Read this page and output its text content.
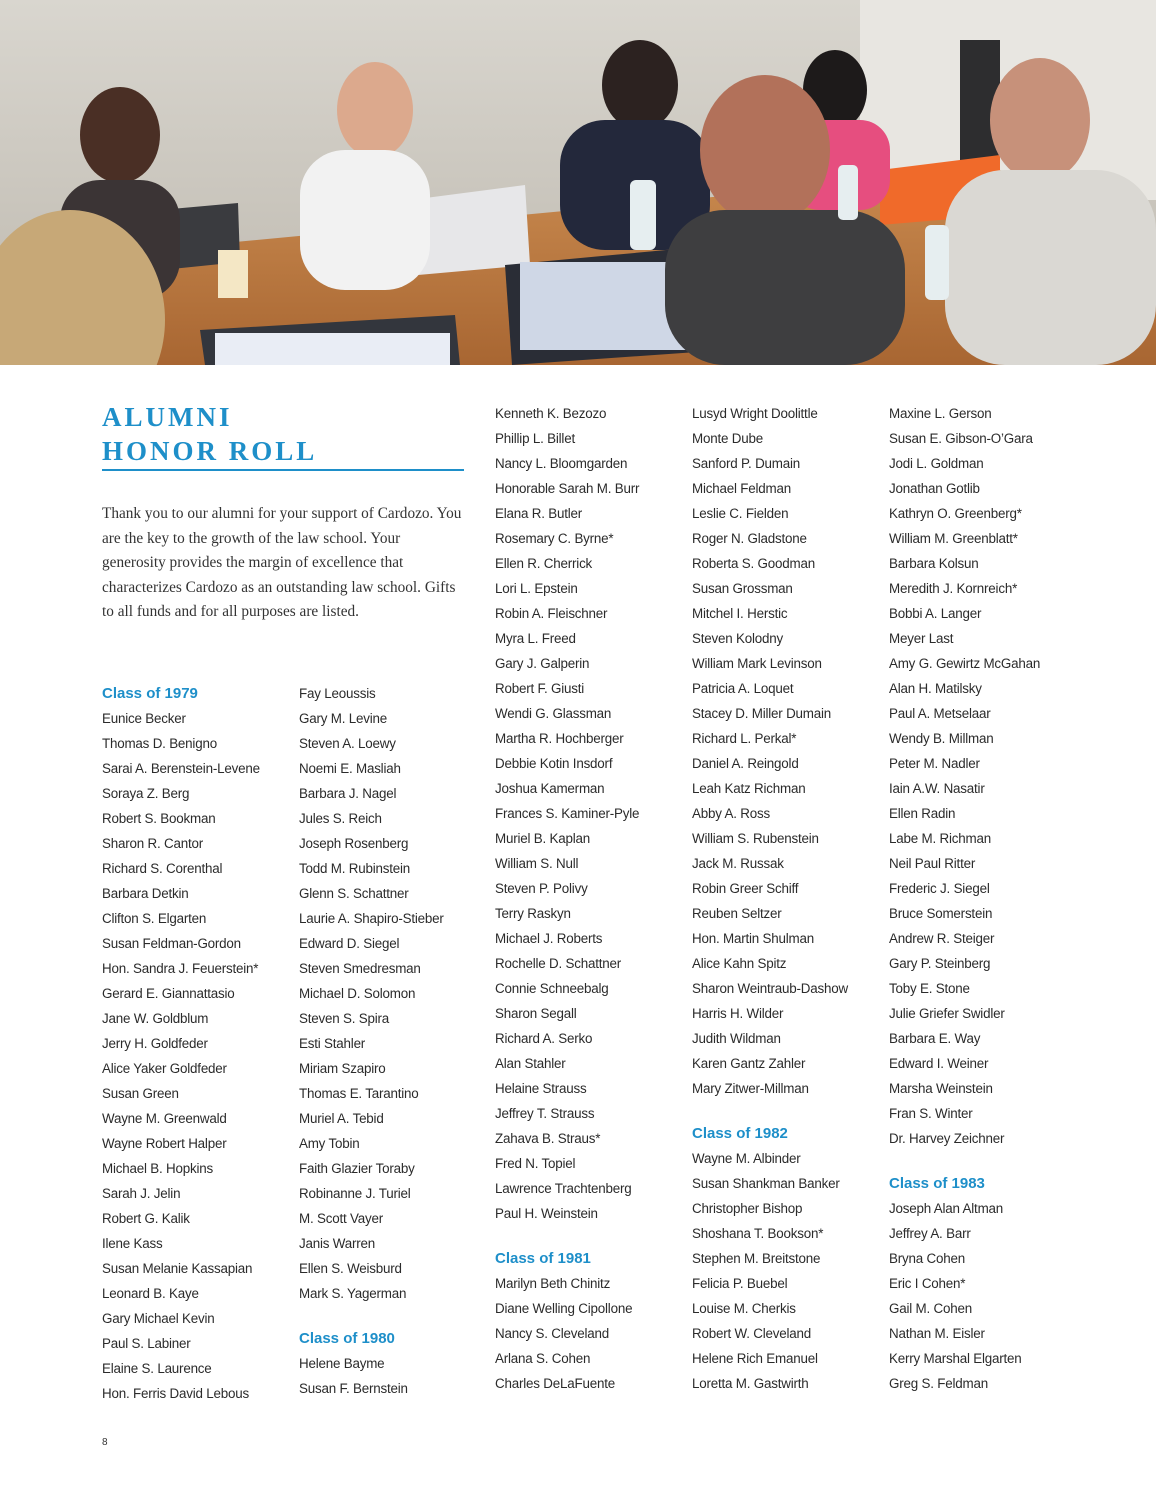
ALUMNI
HONOR ROLL

Thank you to our alumni for your support of Cardozo. You are the key to the growth of the law school. Your generosity provides the margin of excellence that characterizes Cardozo as an outstanding law school. Gifts to all funds and for all purposes are listed.

Class of 1979
Eunice Becker
Thomas D. Benigno
Sarai A. Berenstein-Levene
Soraya Z. Berg
Robert S. Bookman
Sharon R. Cantor
Richard S. Corenthal
Barbara Detkin
Clifton S. Elgarten
Susan Feldman-Gordon
Hon. Sandra J. Feuerstein*
Gerard E. Giannattasio
Jane W. Goldblum
Jerry H. Goldfeder
Alice Yaker Goldfeder
Susan Green
Wayne M. Greenwald
Wayne Robert Halper
Michael B. Hopkins
Sarah J. Jelin
Robert G. Kalik
Ilene Kass
Susan Melanie Kassapian
Leonard B. Kaye
Gary Michael Kevin
Paul S. Labiner
Elaine S. Laurence
Hon. Ferris David Lebous
Fay Leoussis
Gary M. Levine
Steven A. Loewy
Noemi E. Masliah
Barbara J. Nagel
Jules S. Reich
Joseph Rosenberg
Todd M. Rubinstein
Glenn S. Schattner
Laurie A. Shapiro-Stieber
Edward D. Siegel
Steven Smedresman
Michael D. Solomon
Steven S. Spira
Esti Stahler
Miriam Szapiro
Thomas E. Tarantino
Muriel A. Tebid
Amy Tobin
Faith Glazier Toraby
Robinanne J. Turiel
M. Scott Vayer
Janis Warren
Ellen S. Weisburd
Mark S. Yagerman
Class of 1980
Helene Bayme
Susan F. Bernstein
Kenneth K. Bezozo
Phillip L. Billet
Nancy L. Bloomgarden
Honorable Sarah M. Burr
Elana R. Butler
Rosemary C. Byrne*
Ellen R. Cherrick
Lori L. Epstein
Robin A. Fleischner
Myra L. Freed
Gary J. Galperin
Robert F. Giusti
Wendi G. Glassman
Martha R. Hochberger
Debbie Kotin Insdorf
Joshua Kamerman
Frances S. Kaminer-Pyle
Muriel B. Kaplan
William S. Null
Steven P. Polivy
Terry Raskyn
Michael J. Roberts
Rochelle D. Schattner
Connie Schneebalg
Sharon Segall
Richard A. Serko
Alan Stahler
Helaine Strauss
Jeffrey T. Strauss
Zahava B. Straus*
Fred N. Topiel
Lawrence Trachtenberg
Paul H. Weinstein
Class of 1981
Marilyn Beth Chinitz
Diane Welling Cipollone
Nancy S. Cleveland
Arlana S. Cohen
Charles DeLaFuente
Lusyd Wright Doolittle
Monte Dube
Sanford P. Dumain
Michael Feldman
Leslie C. Fielden
Roger N. Gladstone
Roberta S. Goodman
Susan Grossman
Mitchel I. Herstic
Steven Kolodny
William Mark Levinson
Patricia A. Loquet
Stacey D. Miller Dumain
Richard L. Perkal*
Daniel A. Reingold
Leah Katz Richman
Abby A. Ross
William S. Rubenstein
Jack M. Russak
Robin Greer Schiff
Reuben Seltzer
Hon. Martin Shulman
Alice Kahn Spitz
Sharon Weintraub-Dashow
Harris H. Wilder
Judith Wildman
Karen Gantz Zahler
Mary Zitwer-Millman
Class of 1982
Wayne M. Albinder
Susan Shankman Banker
Christopher Bishop
Shoshana T. Bookson*
Stephen M. Breitstone
Felicia P. Buebel
Louise M. Cherkis
Robert W. Cleveland
Helene Rich Emanuel
Loretta M. Gastwirth
Maxine L. Gerson
Susan E. Gibson-O’Gara
Jodi L. Goldman
Jonathan Gotlib
Kathryn O. Greenberg*
William M. Greenblatt*
Barbara Kolsun
Meredith J. Kornreich*
Bobbi A. Langer
Meyer Last
Amy G. Gewirtz McGahan
Alan H. Matilsky
Paul A. Metselaar
Wendy B. Millman
Peter M. Nadler
Iain A.W. Nasatir
Ellen Radin
Labe M. Richman
Neil Paul Ritter
Frederic J. Siegel
Bruce Somerstein
Andrew R. Steiger
Gary P. Steinberg
Toby E. Stone
Julie Griefer Swidler
Barbara E. Way
Edward I. Weiner
Marsha Weinstein
Fran S. Winter
Dr. Harvey Zeichner
Class of 1983
Joseph Alan Altman
Jeffrey A. Barr
Bryna Cohen
Eric I Cohen*
Gail M. Cohen
Nathan M. Eisler
Kerry Marshal Elgarten
Greg S. Feldman
8
